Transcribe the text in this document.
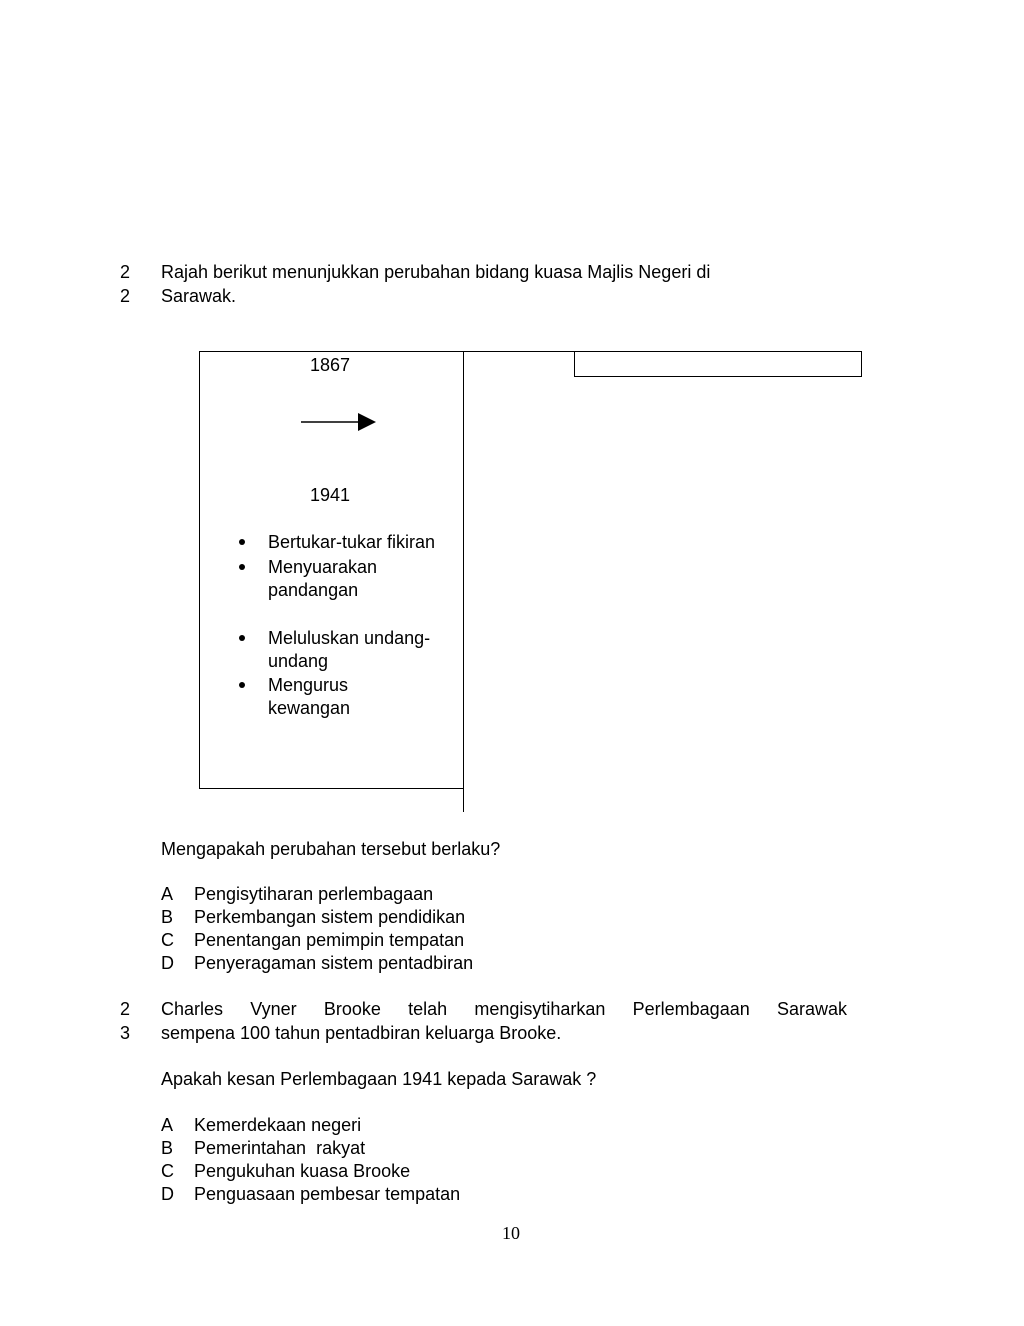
2
2
Rajah berikut menunjukkan perubahan bidang kuasa Majlis Negeri di
Sarawak.
1867
1941
Bertukar-tukar fikiran
Menyuarakan
pandangan
Meluluskan undang-
undang
Mengurus
kewangan
Mengapakah perubahan tersebut berlaku?
A Pengisytiharan perlembagaan
B Perkembangan sistem pendidikan
C Penentangan pemimpin tempatan
D Penyeragaman sistem pentadbiran
2
3
Charles Vyner Brooke telah mengisytiharkan Perlembagaan Sarawak
sempena 100 tahun pentadbiran keluarga Brooke.
Apakah kesan Perlembagaan 1941 kepada Sarawak ?
A Kemerdekaan negeri
B Pemerintahan  rakyat
C Pengukuhan kuasa Brooke
D Penguasaan pembesar tempatan
10
